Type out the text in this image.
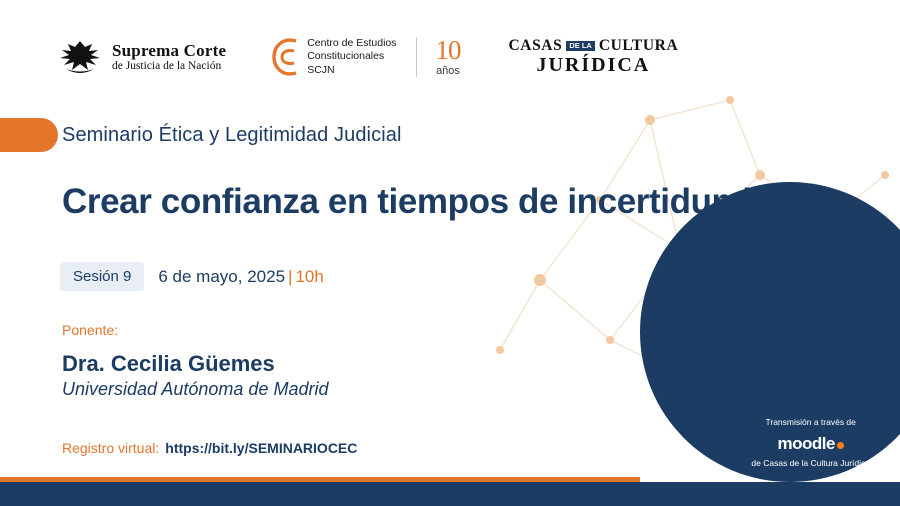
Suprema Corte
de Justicia de la Nación
Centro de Estudios
Constitucionales
SCJN
10
años
CASAS DE LA CULTURA
JURÍDICA
Seminario Ética y Legitimidad Judicial
Crear confianza en tiempos de incertidumbre
Sesión 9	6 de mayo, 2025 | 10h
Ponente:
Dra. Cecilia Güemes
Universidad Autónoma de Madrid
Registro virtual: https://bit.ly/SEMINARIOCEC
Transmisión a través de
moodle
de Casas de la Cultura Jurídica
